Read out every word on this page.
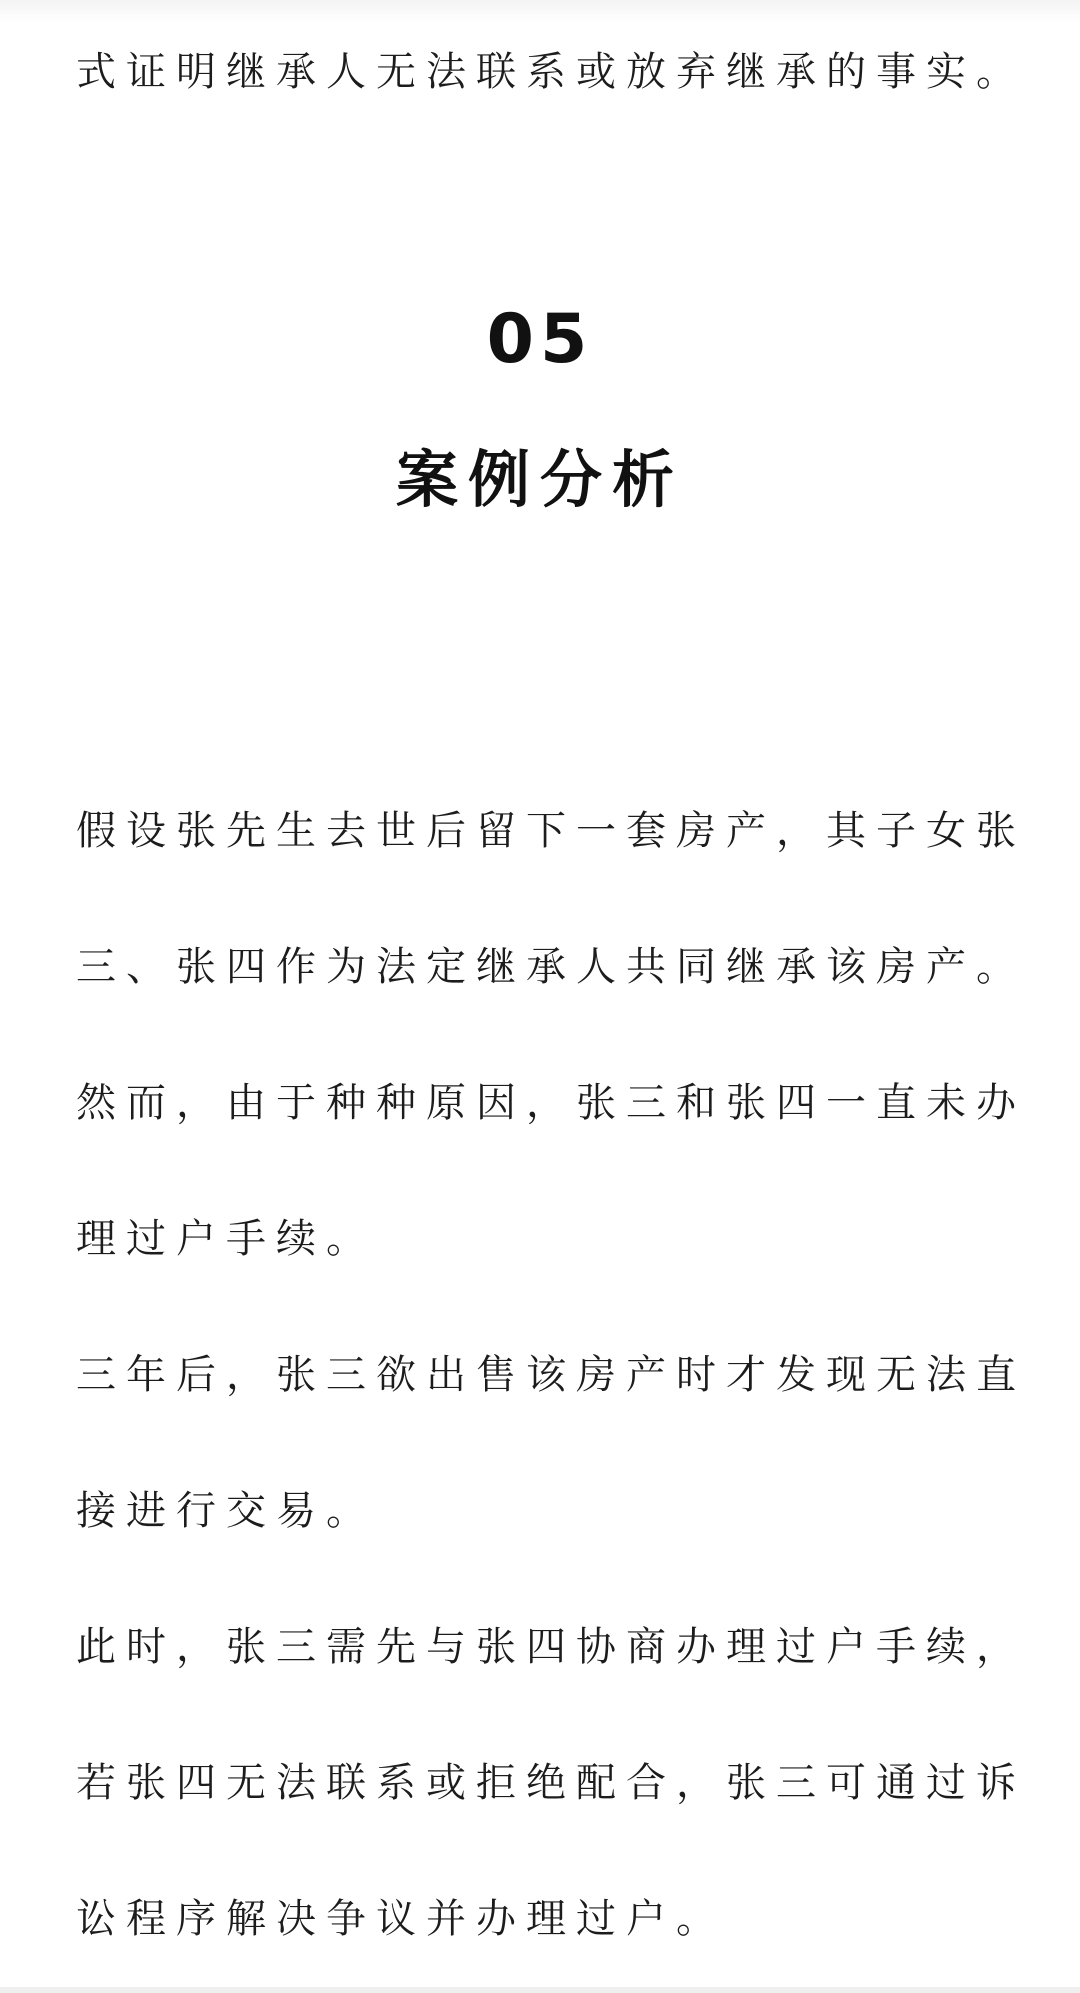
式证明继承人无法联系或放弃继承的事实。

05
案例分析

假设张先生去世后留下一套房产，其子女张

三、张四作为法定继承人共同继承该房产。

然而，由于种种原因，张三和张四一直未办

理过户手续。

三年后，张三欲出售该房产时才发现无法直

接进行交易。

此时，张三需先与张四协商办理过户手续，

若张四无法联系或拒绝配合，张三可通过诉

讼程序解决争议并办理过户。
